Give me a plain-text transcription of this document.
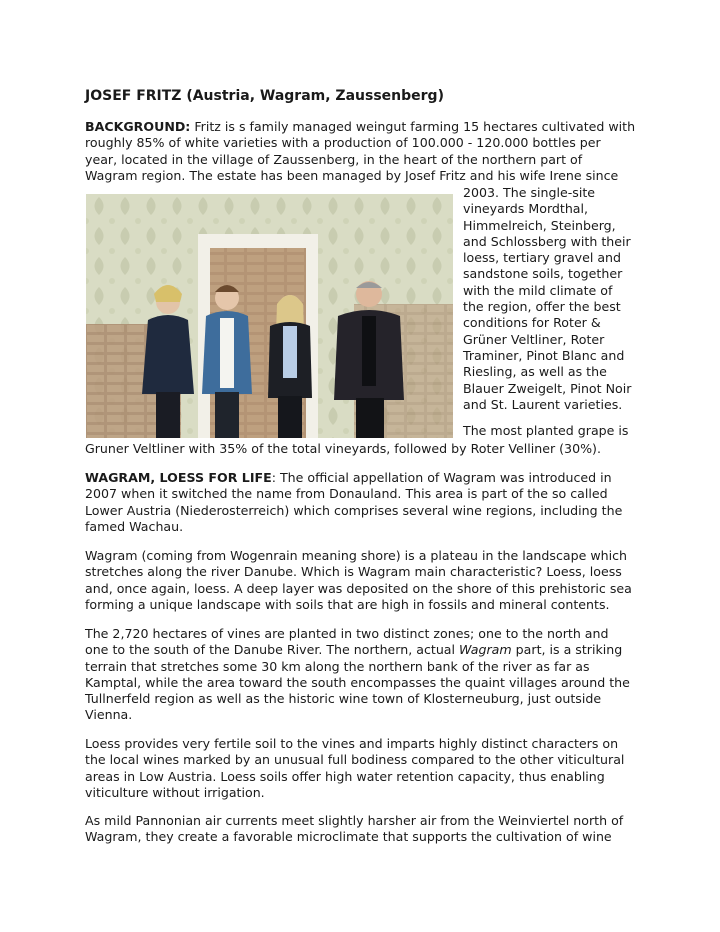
JOSEF FRITZ (Austria, Wagram, Zaussenberg)
BACKGROUND: Fritz is s family managed weingut farming 15 hectares cultivated with
roughly 85% of white varieties with a production of 100.000 - 120.000 bottles per
year, located in the village of Zaussenberg, in the heart of the northern part of
Wagram region. The estate has been managed by Josef Fritz and his wife Irene since
2003. The single-site
vineyards Mordthal,
Himmelreich, Steinberg,
and Schlossberg with their
loess, tertiary gravel and
sandstone soils, together
with the mild climate of
the region, offer the best
conditions for Roter &
Grüner Veltliner, Roter
Traminer, Pinot Blanc and
Riesling, as well as the
Blauer Zweigelt, Pinot Noir
and St. Laurent varieties.
The most planted grape is
Gruner Veltliner with 35% of the total vineyards, followed by Roter Velliner (30%).
WAGRAM, LOESS FOR LIFE: The official appellation of Wagram was introduced in
2007 when it switched the name from Donauland. This area is part of the so called
Lower Austria (Niederosterreich) which comprises several wine regions, including the
famed Wachau.
Wagram (coming from Wogenrain meaning shore) is a plateau in the landscape which
stretches along the river Danube. Which is Wagram main characteristic? Loess, loess
and, once again, loess. A deep layer was deposited on the shore of this prehistoric sea
forming a unique landscape with soils that are high in fossils and mineral contents.
The 2,720 hectares of vines are planted in two distinct zones; one to the north and
one to the south of the Danube River. The northern, actual Wagram part, is a striking
terrain that stretches some 30 km along the northern bank of the river as far as
Kamptal, while the area toward the south encompasses the quaint villages around the
Tullnerfeld region as well as the historic wine town of Klosterneuburg, just outside
Vienna.
Loess provides very fertile soil to the vines and imparts highly distinct characters on
the local wines marked by an unusual full bodiness compared to the other viticultural
areas in Low Austria. Loess soils offer high water retention capacity, thus enabling
viticulture without irrigation.
As mild Pannonian air currents meet slightly harsher air from the Weinviertel north of
Wagram, they create a favorable microclimate that supports the cultivation of wine
